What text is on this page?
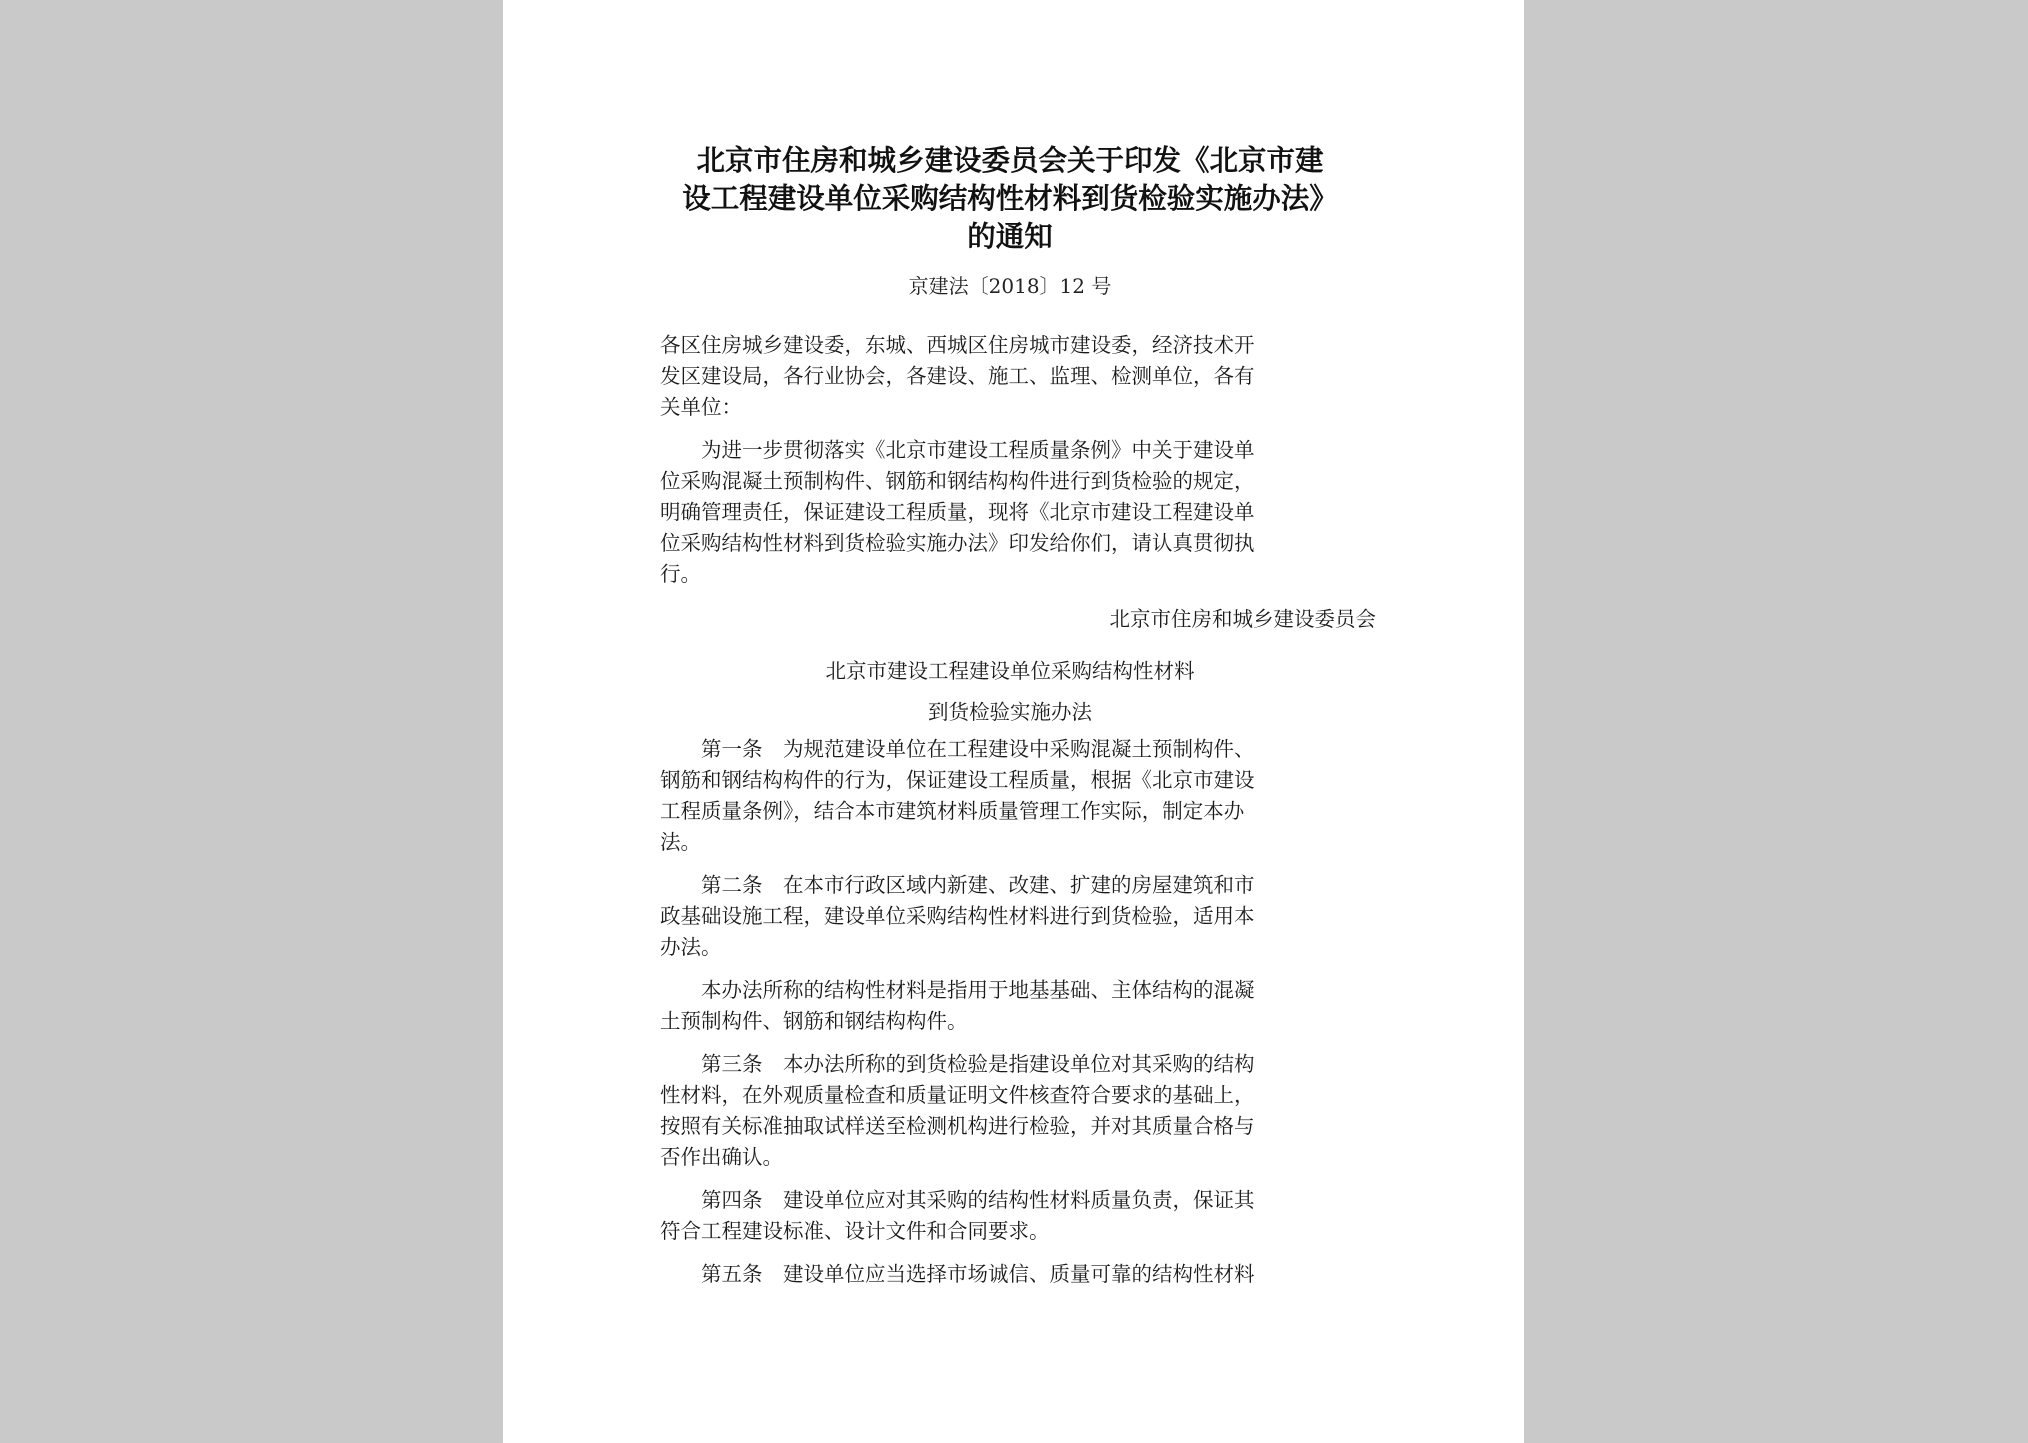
北京市住房和城乡建设委员会关于印发《北京市建
设工程建设单位采购结构性材料到货检验实施办法》
的通知

京建法〔2018〕12 号

各区住房城乡建设委，东城、西城区住房城市建设委，经济技术开
发区建设局，各行业协会，各建设、施工、监理、检测单位，各有
关单位：

　　为进一步贯彻落实《北京市建设工程质量条例》中关于建设单
位采购混凝土预制构件、钢筋和钢结构构件进行到货检验的规定，
明确管理责任，保证建设工程质量，现将《北京市建设工程建设单
位采购结构性材料到货检验实施办法》印发给你们，请认真贯彻执
行。

北京市住房和城乡建设委员会

北京市建设工程建设单位采购结构性材料
到货检验实施办法

　　第一条　为规范建设单位在工程建设中采购混凝土预制构件、
钢筋和钢结构构件的行为，保证建设工程质量，根据《北京市建设
工程质量条例》，结合本市建筑材料质量管理工作实际，制定本办
法。

　　第二条　在本市行政区域内新建、改建、扩建的房屋建筑和市
政基础设施工程，建设单位采购结构性材料进行到货检验，适用本
办法。

　　本办法所称的结构性材料是指用于地基基础、主体结构的混凝
土预制构件、钢筋和钢结构构件。

　　第三条　本办法所称的到货检验是指建设单位对其采购的结构
性材料，在外观质量检查和质量证明文件核查符合要求的基础上，
按照有关标准抽取试样送至检测机构进行检验，并对其质量合格与
否作出确认。

　　第四条　建设单位应对其采购的结构性材料质量负责，保证其
符合工程建设标准、设计文件和合同要求。

　　第五条　建设单位应当选择市场诚信、质量可靠的结构性材料
